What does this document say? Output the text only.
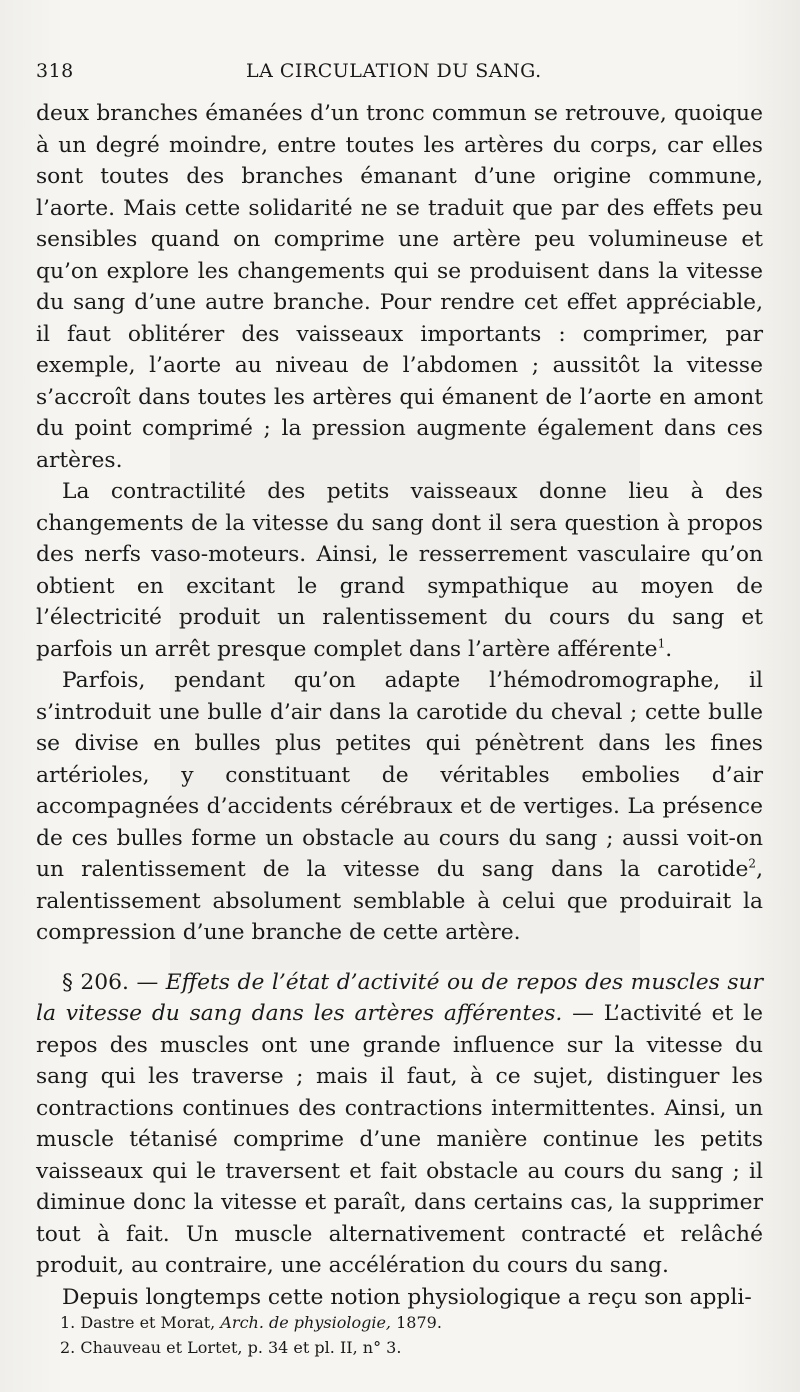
318	LA CIRCULATION DU SANG.

deux branches émanées d’un tronc commun se retrouve, quoique à un degré moindre, entre toutes les artères du corps, car elles sont toutes des branches émanant d’une origine commune, l’aorte. Mais cette solidarité ne se traduit que par des effets peu sensibles quand on comprime une artère peu volumineuse et qu’on explore les changements qui se produisent dans la vitesse du sang d’une autre branche. Pour rendre cet effet appréciable, il faut oblitérer des vaisseaux importants : comprimer, par exemple, l’aorte au niveau de l’abdomen ; aussitôt la vitesse s’accroît dans toutes les artères qui émanent de l’aorte en amont du point comprimé ; la pression augmente également dans ces artères.

La contractilité des petits vaisseaux donne lieu à des changements de la vitesse du sang dont il sera question à propos des nerfs vaso-moteurs. Ainsi, le resserrement vasculaire qu’on obtient en excitant le grand sympathique au moyen de l’électricité produit un ralentissement du cours du sang et parfois un arrêt presque complet dans l’artère afférente$^1$.

Parfois, pendant qu’on adapte l’hémodromographe, il s’introduit une bulle d’air dans la carotide du cheval ; cette bulle se divise en bulles plus petites qui pénètrent dans les fines artérioles, y constituant de véritables embolies d’air accompagnées d’accidents cérébraux et de vertiges. La présence de ces bulles forme un obstacle au cours du sang ; aussi voit-on un ralentissement de la vitesse du sang dans la carotide$^2$, ralentissement absolument semblable à celui que produirait la compression d’une branche de cette artère.

§ 206. — Effets de l’état d’activité ou de repos des muscles sur la vitesse du sang dans les artères afférentes. — L’activité et le repos des muscles ont une grande influence sur la vitesse du sang qui les traverse ; mais il faut, à ce sujet, distinguer les contractions continues des contractions intermittentes. Ainsi, un muscle tétanisé comprime d’une manière continue les petits vaisseaux qui le traversent et fait obstacle au cours du sang ; il diminue donc la vitesse et paraît, dans certains cas, la supprimer tout à fait. Un muscle alternativement contracté et relâché produit, au contraire, une accélération du cours du sang.

Depuis longtemps cette notion physiologique a reçu son appli-

1. Dastre et Morat, Arch. de physiologie, 1879.

2. Chauveau et Lortet, p. 34 et pl. II, n° 3.
